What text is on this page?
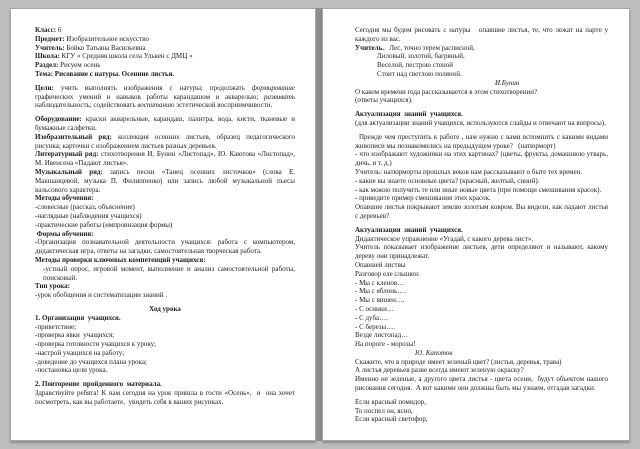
Класс: 6
Предмет: Изобразительное искусство
Учитель: Бойко Татьяна Васильевна
Школа: КГУ « Средняя школа села Улькен с ДМЦ »
Раздел: Рисуем осень
Тема: Рисование с натуры. Осенние листья.
Цели: учить выполнять изображения с натуры; продолжать формирование графических умений и навыков работы карандашом и акварелью; развивать наблюдательность; содействовать воспитанию эстетической восприимчивости.
Оборудование: краски акварельные, карандаш, палитра, вода, кисти, тканевые и бумажные салфетки.
Изобразительный ряд: коллекция осенних листьев, образец педагогического рисунка; карточки с изображением листьев разных деревьев.
Литературный ряд: стихотворения И. Бунин «Листопад», Ю. Каютова «Листопад», М. Ивенсена «Падают листья».
Музыкальный ряд: запись песни «Танец осенних листочков» (слова Е. Макшанцевой, музыка П. Филиппенко) или запись любой музыкальной пьесы вальсового характера.
Методы обучения:
-словесные (рассказ, объяснение)
-наглядные (наблюдения учащихся)
-практические работы (импровизация формы)
Формы обучения:
-Организация познавательной деятельности учащихся: работа с компьютером, дидактическая игра, ответы на загадки, самостоятельная творческая работа.
Методы проверки ключевых компетенций учащихся:
-устный опрос, игровой момент, выполнение и анализ самостоятельной работы, поисковый.
Тип урока:
-урок обобщения и систематизации знаний .
Ход урока
1. Организация  учащихся.
-приветствие;
-проверка явки  учащихся;
-проверка готовности учащихся к уроку;
-настрой учащихся на работу;
-доведение до учащихся плана урока;
-постановка цели урока.
2. Повторение  пройденного  материала.
Здравствуйте ребята! К нам сегодня на урок пришла в гости «Осень»,  и  она хочет посмотреть, как вы работаете,  увидеть себя в ваших рисунках.
Сегодня мы будем рисовать с натуры   опавшие листья, те, что лежат на парте у каждого из вас.
Учитель.   Лес, точно терем расписной,
Лиловый, золотой, багряный,
Веселой, пестрою стеной
Стоит над светлою поляной.
И.Бунин
О каком времени года рассказывается в этом стихотворении?
(ответы учащихся).
Актуализация  знаний  учащихся.
(для актуализации знаний учащихся, используются слайды и отвечают на вопросы).
Прежде чем преступить к работе , нам нужно с вами вспомнить с какими видами живописи мы познакомились на предыдущем уроке?   (натюрморт)
- что изображают художники на этих картинах? (цветы, фрукты, домашнюю утварь, дичь, и т. д.)
Учитель: натюрморты прошлых веков нам рассказывают о быте тех времен.
- какие вы знаете основные цвета? (красный, желтый, синий).
- как можно получить те или иные новые цвета (при помощи смешивания красок).
- приведите пример смешивания этих красок.
Опавшие листья покрывают землю золотым ковром. Вы видели, как падают листья с деревьев?
Актуализация  знаний  учащихся.
Дидактическое упражнение «Угадай, с какого дерева лист».
Учитель показывает изображение листьев, дети определяют и называют, какому дереву они принадлежат.
Опавшей листвы
Разговор еле слышен:
- Мы с кленов…
- Мы с яблонь….
- Мы с вишен….
- С осинки…
- С дуба….
- С березы….
Везде листопад…
На пороге - морозы!
Ю. Капотов
Скажите, что в природе имеет зеленый цвет? (листья, деревья, трава)
А листья деревьев разве всегда имеют зеленую окраску?
Именно не зеленые, а другого цвета листья - цвета осени,  будут объектом нашего рисования сегодня.  А вот какими они должны быть мы узнаем, отгадав загадки.
Если красный помидор,
То поспел он, ясно,
Если красный светофор,
